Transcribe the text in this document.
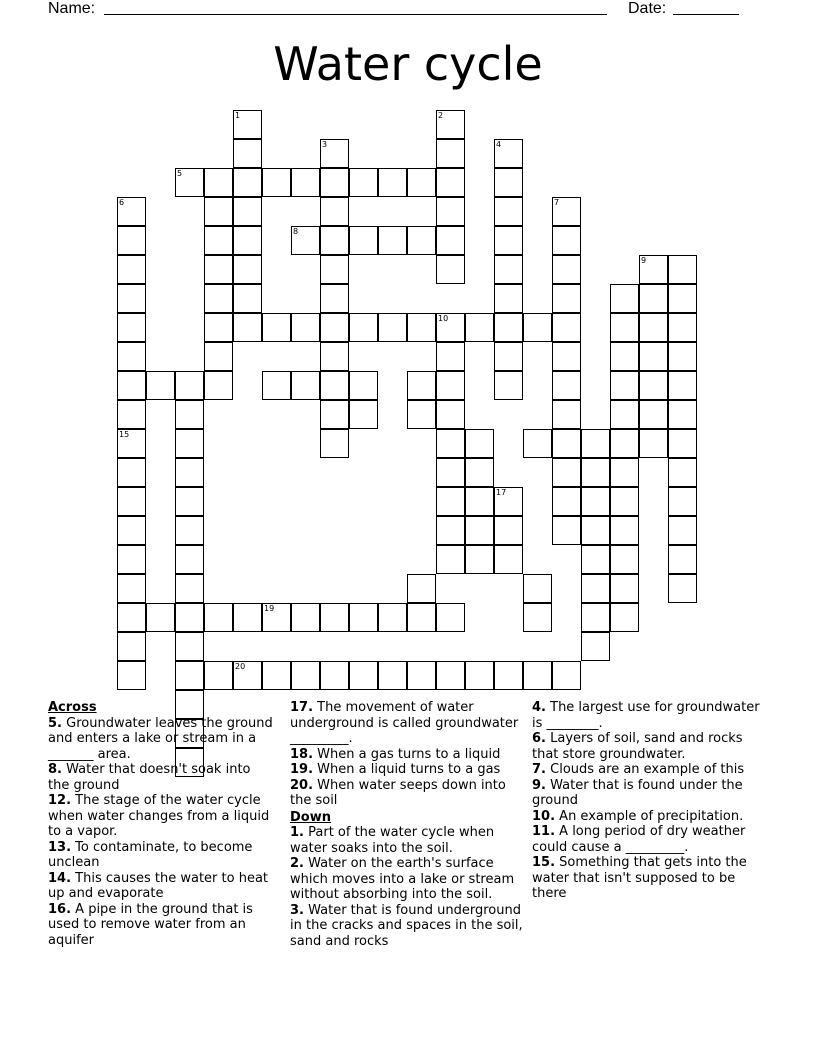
Name:	Date:
Water cycle
1	2
3	4
5
6
15
7
8
9
10
17
20
19

Across

5. Groundwater leaves the ground and enters a lake or stream in a _______ area.

8. Water that doesn't soak into the ground

12. The stage of the water cycle when water changes from a liquid to a vapor.

13. To contaminate, to become unclean

14. This causes the water to heat up and evaporate

16. A pipe in the ground that is used to remove water from an aquifer

17. The movement of water underground is called groundwater _________.

18. When a gas turns to a liquid

19. When a liquid turns to a gas

20. When water seeps down into the soil

Down

1. Part of the water cycle when water soaks into the soil.

2. Water on the earth's surface which moves into a lake or stream without absorbing into the soil.

3. Water that is found underground in the cracks and spaces in the soil, sand and rocks

4. The largest use for groundwater is ________.

6. Layers of soil, sand and rocks that store groundwater.

7. Clouds are an example of this

9. Water that is found under the ground

10. An example of precipitation.

11. A long period of dry weather could cause a _________.

15. Something that gets into the water that isn't supposed to be there
